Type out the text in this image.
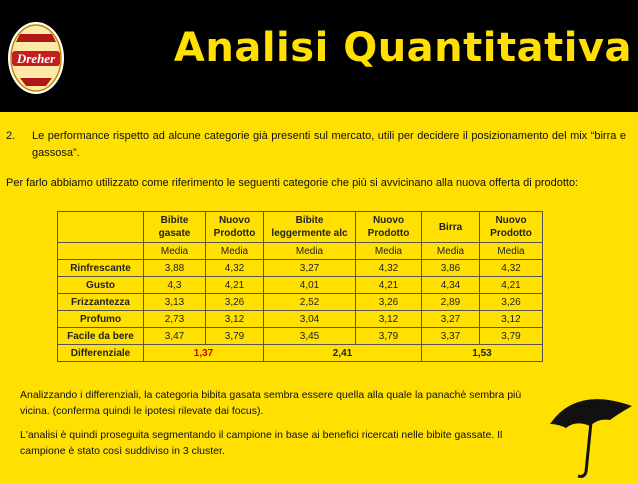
Dreher	Analisi Quantitativa
2. Le performance rispetto ad alcune categorie già presenti sul mercato, utili per decidere il posizionamento del mix “birra e gassosa”.
Per farlo abbiamo utilizzato come riferimento le seguenti categorie che più si avvicinano alla nuova offerta di prodotto:
	Bibite gasate	Nuovo Prodotto	Bibite leggermente alc	Nuovo Prodotto	Birra	Nuovo Prodotto
	Media	Media	Media	Media	Media	Media
Rinfrescante	3,88	4,32	3,27	4,32	3,86	4,32
Gusto	4,3	4,21	4,01	4,21	4,34	4,21
Frizzantezza	3,13	3,26	2,52	3,26	2,89	3,26
Profumo	2,73	3,12	3,04	3,12	3,27	3,12
Facile da bere	3,47	3,79	3,45	3,79	3,37	3,79
Differenziale	1,37		2,41		1,53	

Analizzando i differenziali, la categoria bibita gasata sembra essere quella alla quale la panachè sembra più vicina. (conferma quindi le ipotesi rilevate dai focus).

L'analisi è quindi proseguita segmentando il campione in base ai benefici ricercati nelle bibite gassate. Il campione è stato così suddiviso in 3 cluster.
